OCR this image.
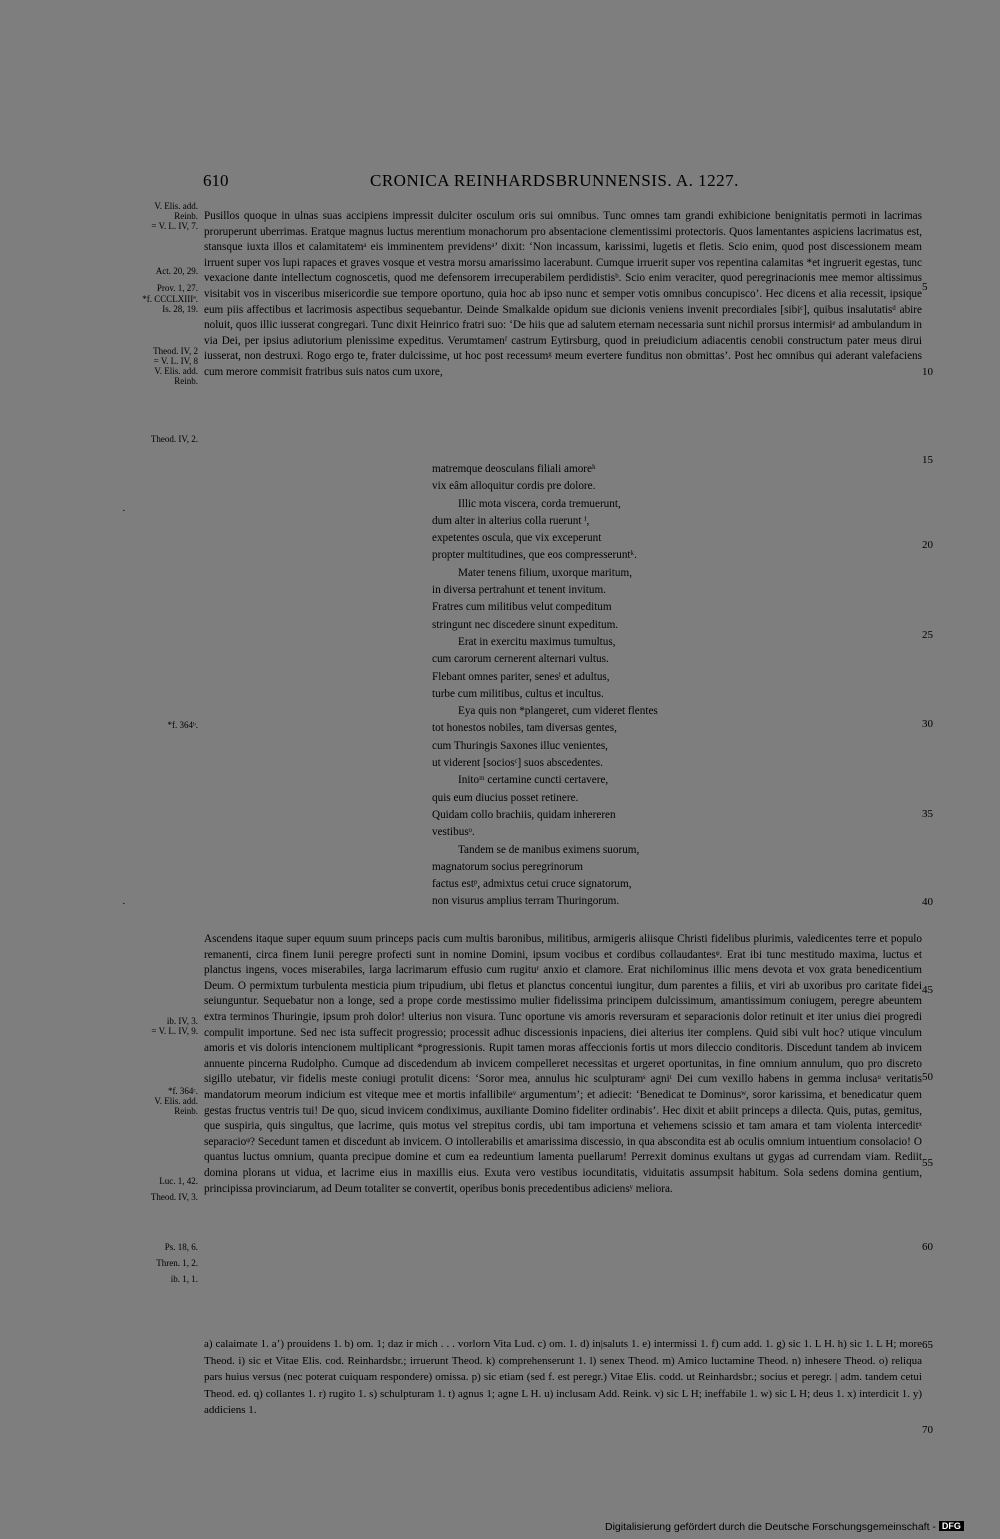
610	CRONICA REINHARDSBRUNNENSIS. A. 1227.
V. Elis. add.
Reinb.
= V. L. IV, 7.
Act. 20, 29.
Prov. 1, 27.
*f. CCCLXIIIª.
Is. 28, 19.
Theod. IV, 2
= V. L. IV, 8
V. Elis. add.
Reinb.
Theod. IV, 2.
*f. 364ᵇ.
ib. IV, 3.
= V. L. IV, 9.
*f. 364ᶜ.
V. Elis. add.
Reinb.
Luc. 1, 42.
Theod. IV, 3.
Ps. 18, 6.
Thren. 1, 2.
ib. 1, 1.
5
10
15
20
25
30
35
40
45
50
55
60
65
70
·
·

Pusillos quoque in ulnas suas accipiens impressit dulciter osculum oris sui omnibus. Tunc omnes tam grandi exhibicione benignitatis permoti in lacrimas proruperunt uberrimas. Eratque magnus luctus merentium monachorum pro absentacione clementissimi protectoris. Quos lamentantes aspiciens lacrimatus est, stansque iuxta illos et calamitatemᵃ eis imminentem previdensᵃ’ dixit: ‘Non incassum, karissimi, lugetis et fletis. Scio enim, quod post discessionem meam irruent super vos lupi rapaces et graves vosque et vestra morsu amarissimo lacerabunt. Cumque irruerit super vos repentina calamitas *et ingruerit egestas, tunc vexacione dante intellectum cognoscetis, quod me defensorem irrecuperabilem perdidistisᵇ. Scio enim veraciter, quod peregrinacionis mee memor altissimus visitabit vos in visceribus misericordie sue tempore oportuno, quia hoc ab ipso nunc et semper votis omnibus concupisco’. Hec dicens et alia recessit, ipsique eum piis affectibus et lacrimosis aspectibus sequebantur. Deinde Smalkalde opidum sue dicionis veniens invenit precordiales [sibiᶜ], quibus insalutatisᵈ abire noluit, quos illic iusserat congregari. Tunc dixit Heinrico fratri suo: ‘De hiis que ad salutem eternam necessaria sunt nichil prorsus intermisiᵉ ad ambulandum in via Dei, per ipsius adiutorium plenissime expeditus. Verumtamenᶠ castrum Eytirsburg, quod in preiudicium adiacentis cenobii constructum pater meus dirui iusserat, non destruxi. Rogo ergo te, frater dulcissime, ut hoc post recessumᵍ meum evertere funditus non obmittas’. Post hec omnibus qui aderant valefaciens cum merore commisit fratribus suis natos cum uxore,

matremque deosculans filiali amoreʰ
vix eâm alloquitur cordis pre dolore.
Illic mota viscera, corda tremuerunt,
dum alter in alterius colla ruerunt ⁱ,
expetentes oscula, que vix exceperunt
propter multitudines, que eos compresseruntᵏ.
Mater tenens filium, uxorque maritum,
in diversa pertrahunt et tenent invitum.
Fratres cum militibus velut compeditum
stringunt nec discedere sinunt expeditum.
Erat in exercitu maximus tumultus,
cum carorum cernerent alternari vultus.
Flebant omnes pariter, senesˡ et adultus,
turbe cum militibus, cultus et incultus.
Eya quis non *plangeret, cum videret flentes
tot honestos nobiles, tam diversas gentes,
cum Thuringis Saxones illuc venientes,
ut viderent [sociosᶜ] suos abscedentes.
Initoᵐ certamine cuncti certavere,
quis eum diucius posset retinere.
Quidam collo brachiis, quidam inhereren
vestibusᵒ.
Tandem se de manibus eximens suorum,
magnatorum socius peregrinorum
factus estᵖ, admixtus cetui cruce signatorum,
non visurus amplius terram Thuringorum.

Ascendens itaque super equum suum princeps pacis cum multis baronibus, militibus, armigeris aliisque Christi fidelibus plurimis, valedicentes terre et populo remanenti, circa finem Iunii peregre profecti sunt in nomine Domini, ipsum vocibus et cordibus collaudantesᵠ. Erat ibi tunc mestitudo maxima, luctus et planctus ingens, voces miserabiles, larga lacrimarum effusio cum rugituʳ anxio et clamore. Erat nichilominus illic mens devota et vox grata benedicentium Deum. O permixtum turbulenta mesticia pium tripudium, ubi fletus et planctus concentui iungitur, dum parentes a filiis, et viri ab uxoribus pro caritate fidei seiunguntur. Sequebatur non a longe, sed a prope corde mestissimo mulier fidelissima principem dulcissimum, amantissimum coniugem, peregre abeuntem extra terminos Thuringie, ipsum proh dolor! ulterius non visura. Tunc oportune vis amoris reversuram et separacionis dolor retinuit et iter unius diei progredi compulit importune. Sed nec ista suffecit progressio; processit adhuc discessionis inpaciens, diei alterius iter complens. Quid sibi vult hoc? utique vinculum amoris et vis doloris intencionem multiplicant *progressionis. Rupit tamen moras affeccionis fortis ut mors dileccio conditoris. Discedunt tandem ab invicem annuente pincerna Rudolpho. Cumque ad discedendum ab invicem compelleret necessitas et urgeret oportunitas, in fine omnium annulum, quo pro discreto sigillo utebatur, vir fidelis meste coniugi protulit dicens: ‘Soror mea, annulus hic sculpturamˢ agniᵗ Dei cum vexillo habens in gemma inclusaᵘ veritatis mandatorum meorum indicium est viteque mee et mortis infallibileᵛ argumentum’; et adiecit: ‘Benedicat te Dominusʷ, soror karissima, et benedicatur quem gestas fructus ventris tui! De quo, sicud invicem condiximus, auxiliante Domino fideliter ordinabis’. Hec dixit et abiit princeps a dilecta. Quis, putas, gemitus, que suspiria, quis singultus, que lacrime, quis motus vel strepitus cordis, ubi tam importuna et vehemens scissio et tam amara et tam violenta interceditˣ separacioᵠ? Secedunt tamen et discedunt ab invicem. O intollerabilis et amarissima discessio, in qua abscondita est ab oculis omnium intuentium consolacio! O quantus luctus omnium, quanta precipue domine et cum ea redeuntium lamenta puellarum! Perrexit dominus exultans ut gygas ad currendam viam. Rediit domina plorans ut vidua, et lacrime eius in maxillis eius. Exuta vero vestibus iocunditatis, viduitatis assumpsit habitum. Sola sedens domina gentium, principissa provinciarum, ad Deum totaliter se convertit, operibus bonis precedentibus adiciensʸ meliora.

a) calaimate 1. a’) prouidens 1. b) om. 1; daz ir mich . . . vorlorn Vita Lud. c) om. 1. d) in|saluts 1. e) intermissi 1. f) cum add. 1. g) sic 1. L H. h) sic 1. L H; more Theod. i) sic et Vitae Elis. cod. Reinhardsbr.; irruerunt Theod. k) comprehenserunt 1. l) senex Theod. m) Amico luctamine Theod. n) inhesere Theod. o) reliqua pars huius versus (nec poterat cuiquam respondere) omissa. p) sic etiam (sed f. est peregr.) Vitae Elis. codd. ut Reinhardsbr.; socius et peregr. | adm. tandem cetui Theod. ed. q) collantes 1. r) rugito 1. s) schulpturam 1. t) agnus 1; agne L H. u) inclusam Add. Reink. v) sic L H; ineffabile 1. w) sic L H; deus 1. x) interdicit 1. y) addiciens 1.
Digitalisierung gefördert durch die Deutsche Forschungsgemeinschaft - DFG
